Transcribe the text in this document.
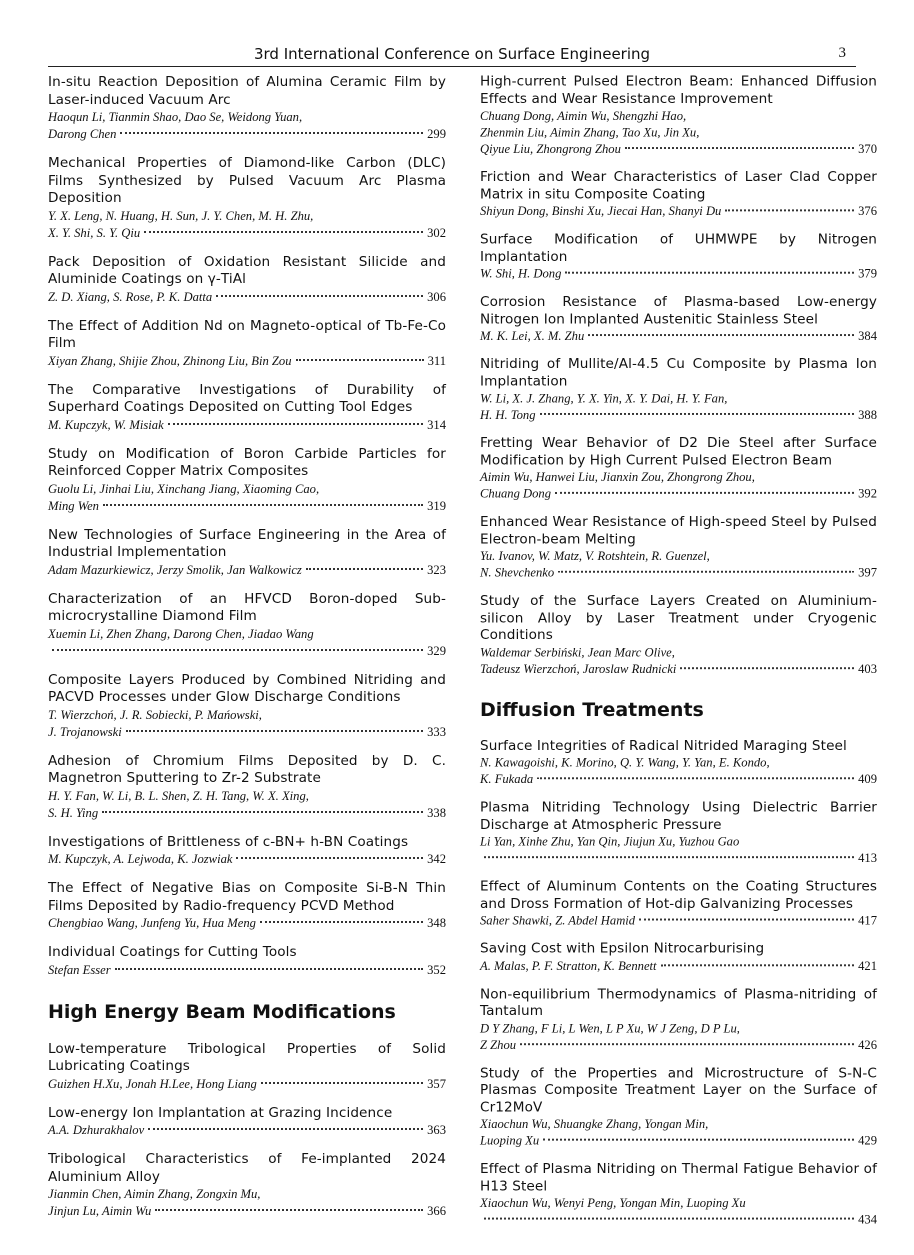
3rd International Conference on Surface Engineering	3
In-situ Reaction Deposition of Alumina Ceramic Film by Laser-induced Vacuum Arc
Haoqun Li, Tianmin Shao, Dao Se, Weidong Yuan,
Darong Chen	299
Mechanical Properties of Diamond-like Carbon (DLC) Films Synthesized by Pulsed Vacuum Arc Plasma Deposition
Y. X. Leng, N. Huang, H. Sun, J. Y. Chen, M. H. Zhu,
X. Y. Shi, S. Y. Qiu	302
Pack Deposition of Oxidation Resistant Silicide and Aluminide Coatings on γ-TiAl
Z. D. Xiang, S. Rose, P. K. Datta	306
The Effect of Addition Nd on Magneto-optical of Tb-Fe-Co Film
Xiyan Zhang, Shijie Zhou, Zhinong Liu, Bin Zou	311
The Comparative Investigations of Durability of Superhard Coatings Deposited on Cutting Tool Edges
M. Kupczyk, W. Misiak	314
Study on Modification of Boron Carbide Particles for Reinforced Copper Matrix Composites
Guolu Li, Jinhai Liu, Xinchang Jiang, Xiaoming Cao,
Ming Wen	319
New Technologies of Surface Engineering in the Area of Industrial Implementation
Adam Mazurkiewicz, Jerzy Smolik, Jan Walkowicz	323
Characterization of an HFVCD Boron-doped Sub-microcrystalline Diamond Film
Xuemin Li, Zhen Zhang, Darong Chen, Jiadao Wang
329
Composite Layers Produced by Combined Nitriding and PACVD Processes under Glow Discharge Conditions
T. Wierzchoń, J. R. Sobiecki, P. Mańowski,
J. Trojanowski	333
Adhesion of Chromium Films Deposited by D. C. Magnetron Sputtering to Zr-2 Substrate
H. Y. Fan, W. Li, B. L. Shen, Z. H. Tang, W. X. Xing,
S. H. Ying	338
Investigations of Brittleness of c-BN+ h-BN Coatings
M. Kupczyk, A. Lejwoda, K. Jozwiak	342
The Effect of Negative Bias on Composite Si-B-N Thin Films Deposited by Radio-frequency PCVD Method
Chengbiao Wang, Junfeng Yu, Hua Meng	348
Individual Coatings for Cutting Tools
Stefan Esser	352
High Energy Beam Modifications
Low-temperature Tribological Properties of Solid Lubricating Coatings
Guizhen H.Xu, Jonah H.Lee, Hong Liang	357
Low-energy Ion Implantation at Grazing Incidence
A.A. Dzhurakhalov	363
Tribological Characteristics of Fe-implanted 2024 Aluminium Alloy
Jianmin Chen, Aimin Zhang, Zongxin Mu,
Jinjun Lu, Aimin Wu	366
High-current Pulsed Electron Beam: Enhanced Diffusion Effects and Wear Resistance Improvement
Chuang Dong, Aimin Wu, Shengzhi Hao,
Zhenmin Liu, Aimin Zhang, Tao Xu, Jin Xu,
Qiyue Liu, Zhongrong Zhou	370
Friction and Wear Characteristics of Laser Clad Copper Matrix in situ Composite Coating
Shiyun Dong, Binshi Xu, Jiecai Han, Shanyi Du	376
Surface Modification of UHMWPE by Nitrogen Implantation
W. Shi, H. Dong	379
Corrosion Resistance of Plasma-based Low-energy Nitrogen Ion Implanted Austenitic Stainless Steel
M. K. Lei, X. M. Zhu	384
Nitriding of Mullite/Al-4.5 Cu Composite by Plasma Ion Implantation
W. Li, X. J. Zhang, Y. X. Yin, X. Y. Dai, H. Y. Fan,
H. H. Tong	388
Fretting Wear Behavior of D2 Die Steel after Surface Modification by High Current Pulsed Electron Beam
Aimin Wu, Hanwei Liu, Jianxin Zou, Zhongrong Zhou,
Chuang Dong	392
Enhanced Wear Resistance of High-speed Steel by Pulsed Electron-beam Melting
Yu. Ivanov, W. Matz, V. Rotshtein, R. Guenzel,
N. Shevchenko	397
Study of the Surface Layers Created on Aluminium-silicon Alloy by Laser Treatment under Cryogenic Conditions
Waldemar Serbiński, Jean Marc Olive,
Tadeusz Wierzchoń, Jaroslaw Rudnicki	403
Diffusion Treatments
Surface Integrities of Radical Nitrided Maraging Steel
N. Kawagoishi, K. Morino, Q. Y. Wang, Y. Yan, E. Kondo,
K. Fukada	409
Plasma Nitriding Technology Using Dielectric Barrier Discharge at Atmospheric Pressure
Li Yan, Xinhe Zhu, Yan Qin, Jiujun Xu, Yuzhou Gao
413
Effect of Aluminum Contents on the Coating Structures and Dross Formation of Hot-dip Galvanizing Processes
Saher Shawki, Z. Abdel Hamid	417
Saving Cost with Epsilon Nitrocarburising
A. Malas, P. F. Stratton, K. Bennett	421
Non-equilibrium Thermodynamics of Plasma-nitriding of Tantalum
D Y Zhang, F Li, L Wen, L P Xu, W J Zeng, D P Lu,
Z Zhou	426
Study of the Properties and Microstructure of S-N-C Plasmas Composite Treatment Layer on the Surface of Cr12MoV
Xiaochun Wu, Shuangke Zhang, Yongan Min,
Luoping Xu	429
Effect of Plasma Nitriding on Thermal Fatigue Behavior of H13 Steel
Xiaochun Wu, Wenyi Peng, Yongan Min, Luoping Xu
434
